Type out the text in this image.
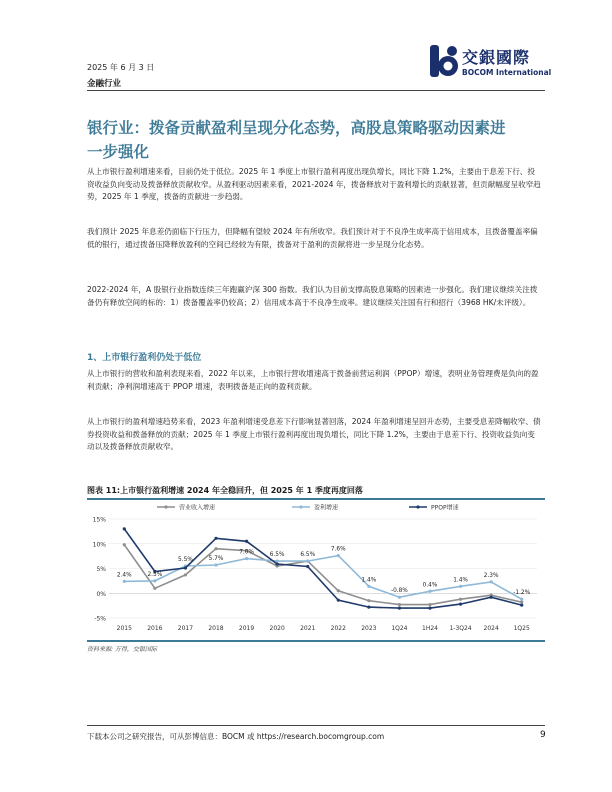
2025 年 6 月 3 日
金融行业
交銀國際
BOCOM International
银行业：拨备贡献盈利呈现分化态势，高股息策略驱动因素进一步强化
从上市银行盈利增速来看，目前仍处于低位。2025 年 1 季度上市银行盈利再度出现负增长，同比下降 1.2%，主要由于息差下行、投资收益负向变动及拨备释放贡献收窄。从盈利驱动因素来看，2021-2024 年，拨备释放对于盈利增长的贡献显著，但贡献幅度呈收窄趋势，2025 年 1 季度，拨备的贡献进一步趋弱。
我们预计 2025 年息差仍面临下行压力，但降幅有望较 2024 年有所收窄。我们预计对于不良净生成率高于信用成本，且拨备覆盖率偏低的银行，通过拨备压降释放盈利的空间已经较为有限，拨备对于盈利的贡献将进一步呈现分化态势。
2022-2024 年，A 股银行业指数连续三年跑赢沪深 300 指数。我们认为目前支撑高股息策略的因素进一步强化。我们建议继续关注拨备仍有释放空间的标的：1）拨备覆盖率仍较高；2）信用成本高于不良净生成率。建议继续关注国有行和招行（3968 HK/未评级）。
1、上市银行盈利仍处于低位
从上市银行的营收和盈利表现来看，2022 年以来，上市银行营收增速高于拨备前营运利润（PPOP）增速，表明业务管理费是负向的盈利贡献；净利润增速高于 PPOP 增速，表明拨备是正向的盈利贡献。
从上市银行的盈利增速趋势来看，2023 年盈利增速受息差下行影响显著回落，2024 年盈利增速呈回升态势，主要受息差降幅收窄、债券投资收益和拨备释放的贡献；2025 年 1 季度上市银行盈利再度出现负增长，同比下降 1.2%，主要由于息差下行、投资收益负向变动以及拨备释放贡献收窄。
图表 11:上市银行盈利增速 2024 年全稳回升，但 2025 年 1 季度再度回落
营业收入增速	盈利增速	PPOP增速
15%
10%
5%
0%
-5%
2015	2016	2017	2018	2019	2020	2021	2022	2023 1Q24 1H24 1-3Q24 2024 1Q25
2.4%	2.5%
5.5%	5.7%
7.0%	6.5%	6.5%
7.6%
1.4%
-0.8%
0.4%
1.4%
2.3%
-1.2%
资料来源: 万得，交银国际
下载本公司之研究报告，可从彭博信息：BOCM 或 https://research.bocomgroup.com	9
